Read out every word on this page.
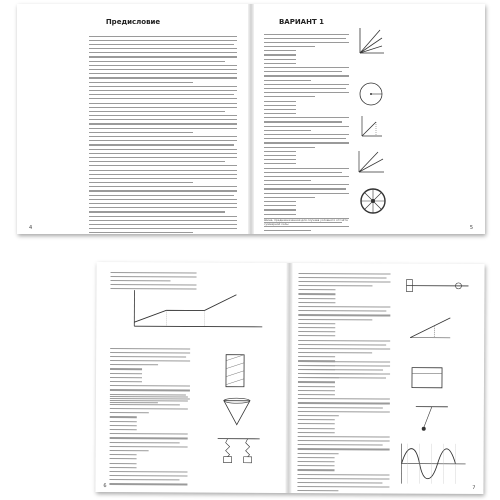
Предисловие
4
ВАРИАНТ 1
Шина, предназначенная для случаев условного отсчёта суммарной силы
5
6	7
